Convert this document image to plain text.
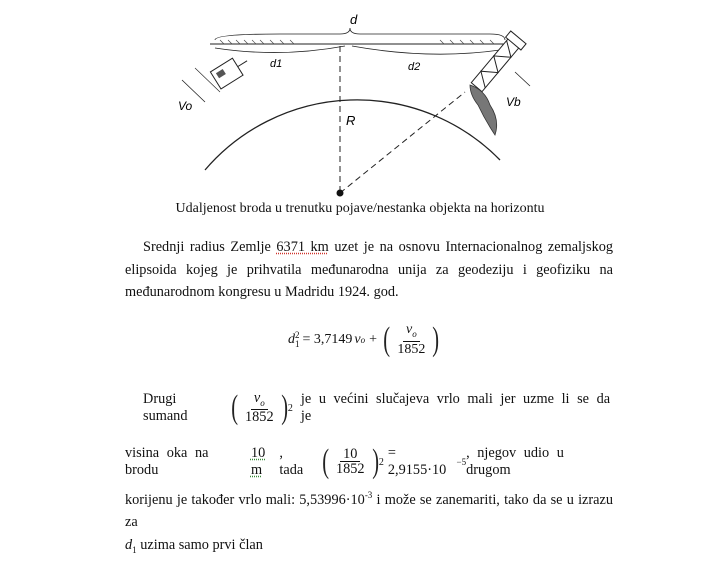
d
d1	d2
R
Vo	Vb
Udaljenost broda u trenutku pojave/nestanka objekta na horizontu
Srednji radius Zemlje 6371 km uzet je na osnovu Internacionalnog zemaljskog elipsoida kojeg je prihvatila međunarodna unija za geodeziju i geofiziku na međunarodnom kongresu u Madridu 1924. god.
d 2
1 = 3,7149 v o + ( $\frac{v_o}{1852}$ )
Drugi sumand	( $\frac{v_o}{1852}$ ) 2
je u većini slučajeva vrlo mali jer uzme li se da je
visina oka na brodu
10 m
, tada ( $\frac{10}{1852}$ ) 2
= 2,9155·10	−5
, njegov udio u drugom
korijenu je također vrlo mali: $5,53996\cdot 10^{-3}$ i može se zanemariti, tako da se u izrazu za
$d_1$ uzima samo prvi član
